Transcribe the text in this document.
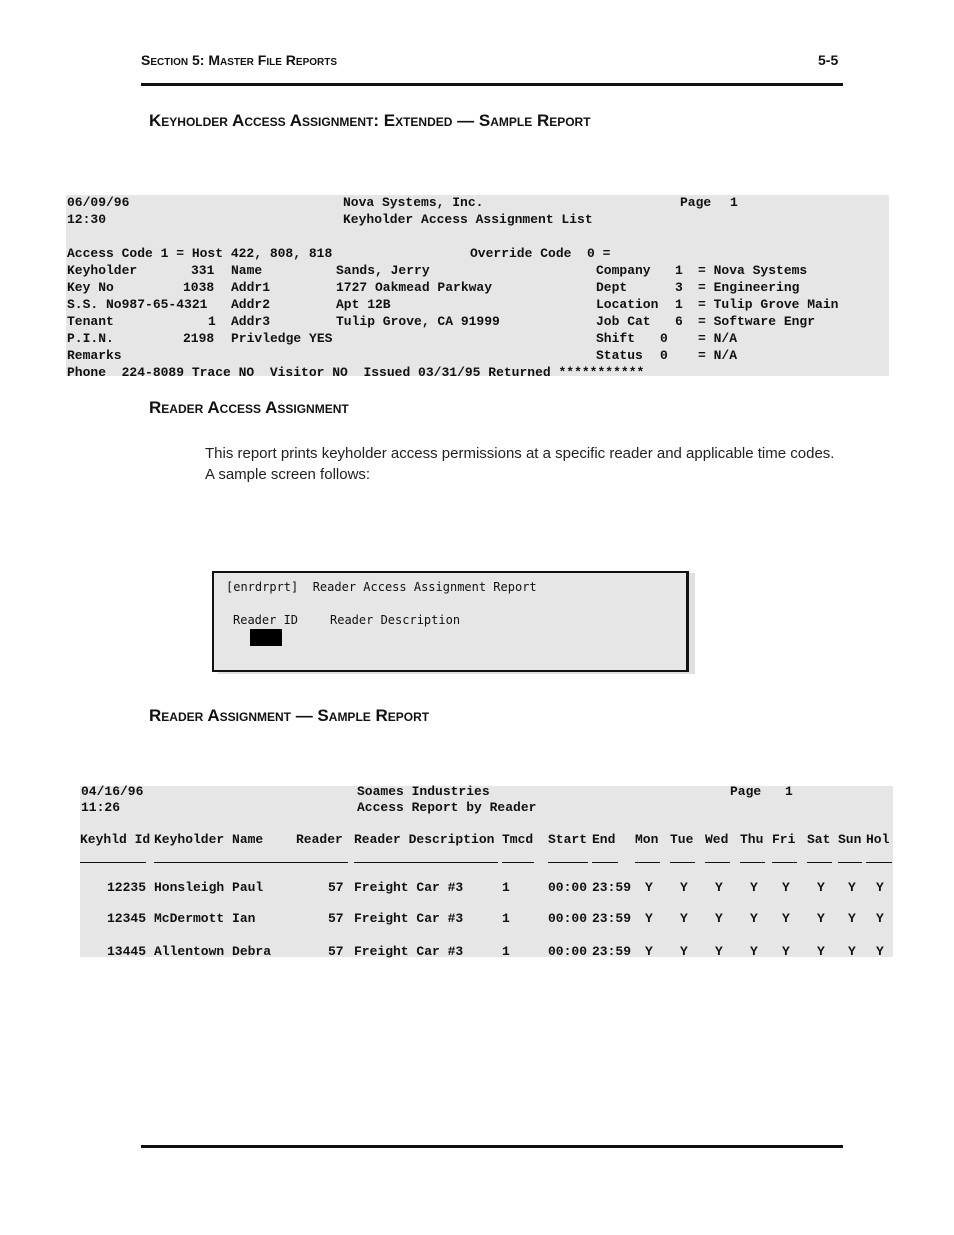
Section 5: Master File Reports	5-5
Keyholder Access Assignment: Extended — Sample Report
06/09/96	Nova Systems, Inc.	Page 1
12:30	Keyholder Access Assignment List
Access Code 1 = Host 422, 808, 818	Override Code  0 =
Keyholder	331 Name	Sands, Jerry	Company 1 = Nova Systems
Key No	1038 Addr1	1727 Oakmead Parkway	Dept	3 = Engineering
S.S. No987-65-4321 Addr2	Apt 12B	Location 1 = Tulip Grove Main
Tenant	1 Addr3	Tulip Grove, CA 91999	Job Cat 6 = Software Engr
P.I.N.	2198 Privledge YES	Shift 0 = N/A
Remarks	Status 0 = N/A
Phone  224-8089 Trace NO  Visitor NO  Issued 03/31/95 Returned ***********
Reader Access Assignment
This report prints keyholder access permissions at a specific reader and applicable time codes.
A sample screen follows:
[enrdrprt]  Reader Access Assignment Report
Reader ID	Reader Description
Reader Assignment — Sample Report
04/16/96	Soames Industries	Page 1
11:26	Access Report by Reader
Keyhld Id Keyholder Name	Reader Reader Description Tmcd Start End Mon Tue Wed Thu Fri Sat Sun Hol
12235 Honsleigh Paul	57 Freight Car #3	1	00:00 23:59 Y Y Y Y Y Y Y Y
12345 McDermott Ian	57 Freight Car #3	1	00:00 23:59 Y Y Y Y Y Y Y Y
13445 Allentown Debra	57 Freight Car #3	1	00:00 23:59 Y Y Y Y Y Y Y Y
